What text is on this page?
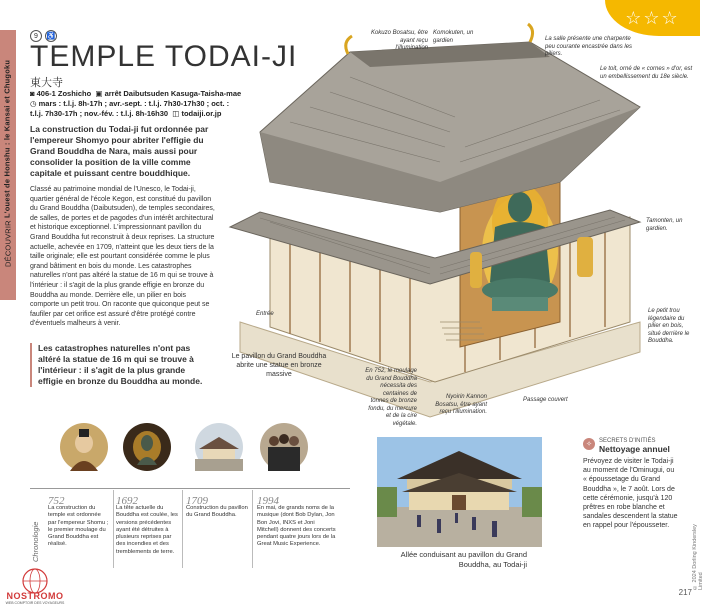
DÉCOUVRIR

L'ouest de Honshu : le Kansai et Chugoku
☆☆☆
9	♿
TEMPLE TODAI-JI
東大寺
◙ 406-1 Zoshicho ▣ arrêt Daibutsuden Kasuga-Taisha-mae
◷ mars : t.l.j. 8h-17h ; avr.-sept. : t.l.j. 7h30-17h30 ; oct. :
t.l.j. 7h30-17h ; nov.-fév. : t.l.j. 8h-16h30 ◫ todaiji.or.jp

La construction du Todai-ji fut ordonnée par l'empereur Shomyo pour abriter l'effigie du Grand Bouddha de Nara, mais aussi pour consolider la position de la ville comme capitale et puissant centre bouddhique.

Classé au patrimoine mondial de l'Unesco, le Todai-ji, quartier général de l'école Kegon, est constitué du pavillon du Grand Bouddha (Daibutsuden), de temples secondaires, de salles, de portes et de pagodes d'un intérêt architectural et historique exceptionnel. L'impressionnant pavillon du Grand Bouddha fut reconstruit à deux reprises. La structure actuelle, achevée en 1709, n'atteint que les deux tiers de la taille originale; elle est pourtant considérée comme le plus grand bâtiment en bois du monde. Les catastrophes naturelles n'ont pas altéré la statue de 16 m qui se trouve à l'intérieur : il s'agit de la plus grande effigie en bronze du Bouddha au monde. Derrière elle, un pilier en bois comporte un petit trou. On raconte que quiconque peut se faufiler par cet orifice est assuré d'être protégé contre d'éventuels malheurs à venir.

Les catastrophes naturelles n'ont pas altéré la statue de 16 m qui se trouve à l'intérieur : il s'agit de la plus grande effigie en bronze du Bouddha au monde.

Kokuzo Bosatsu, être ayant reçu l'illumination
Komokuten, un gardien	La salle présente une charpente peu courante encastrée dans les piliers.
Le toit, orné de « cornes » d'or, est un embellissement du 18e siècle.
Tamonten, un gardien.
Entrée
Le pavillon du Grand Bouddha abrite une statue en bronze massive
Le petit trou légendaire du pilier en bois, situé derrière le Bouddha.
En 752, le moulage du Grand Bouddha nécessita des centaines de tonnes de bronze fondu, du mercure et de la cire végétale.
Nyoirin Kannon Bosatsu, être ayant reçu l'illumination.
Passage couvert
Chronologie
752
La construction du temple est ordonnée par l'empereur Shomu ; le premier moulage du Grand Bouddha est réalisé.
1692
La tête actuelle du Bouddha est coulée, les versions précédentes ayant été détruites à plusieurs reprises par des incendies et des tremblements de terre.
1709
Construction du pavillon du Grand Bouddha.
1994
En mai, de grands noms de la musique (dont Bob Dylan, Jon Bon Jovi, INXS et Joni Mitchell) donnent des concerts pendant quatre jours lors de la Great Music Experience.
Allée conduisant au pavillon du Grand Bouddha, au Todai-ji
✧	SECRETS D'INITIÉS
Nettoyage annuel
Prévoyez de visiter le Todai-ji au moment de l'Ominugui, ou « époussetage du Grand Bouddha », le 7 août. Lors de cette cérémonie, jusqu'à 120 prêtres en robe blanche et sandales descendent la statue en rappel pour l'épousseter.	© 2024 Dorling Kindersley Limited
217
NOSTROMO
WEB COMPTOIR DES VOYAGEURS
